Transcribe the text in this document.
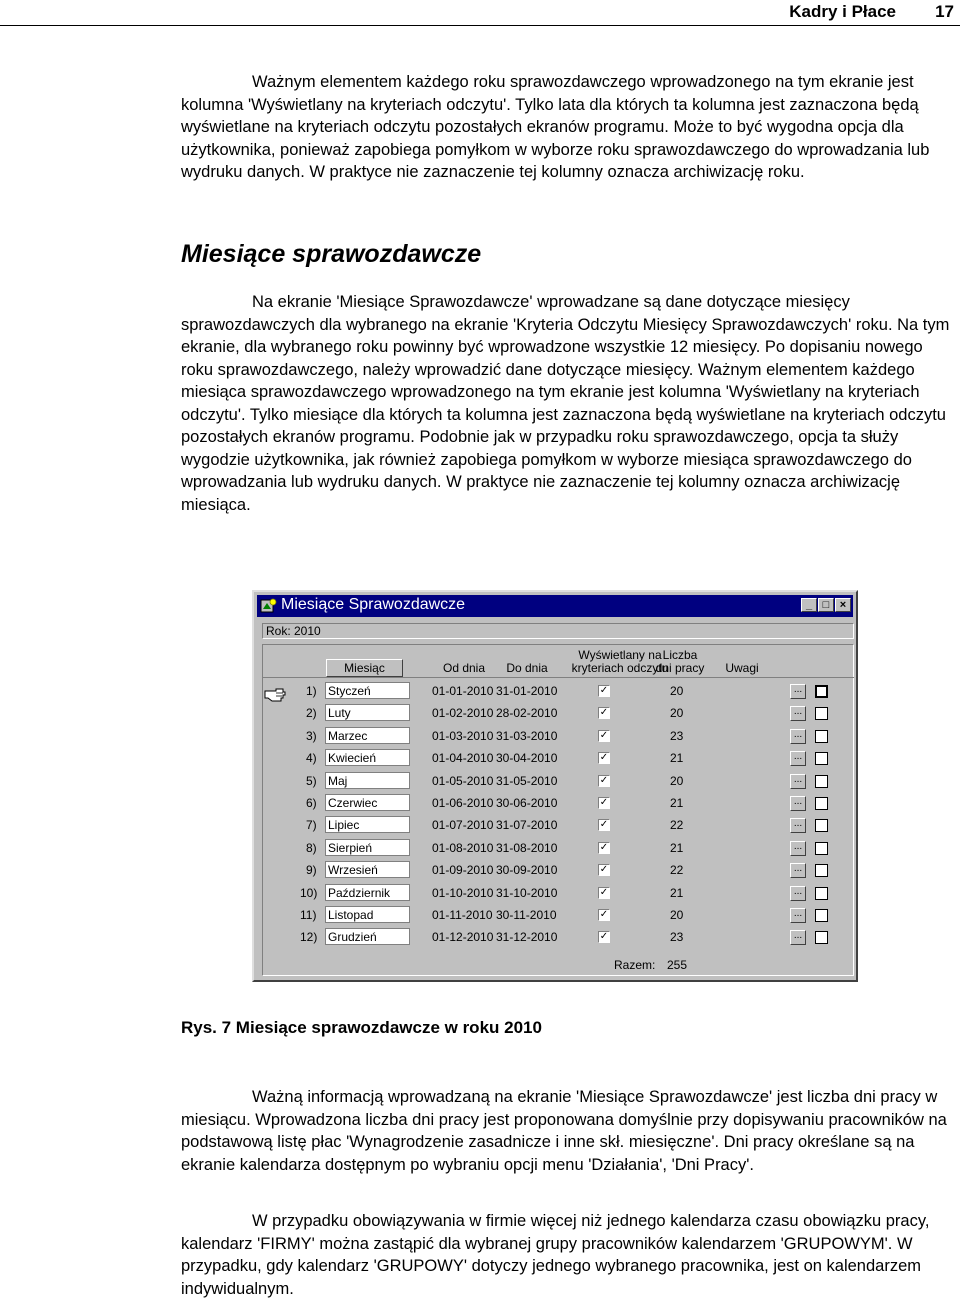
Kadry i Płace 17

Ważnym elementem każdego roku sprawozdawczego wprowadzonego na tym ekranie jest kolumna 'Wyświetlany na kryteriach odczytu'. Tylko lata dla których ta kolumna jest zaznaczona będą wyświetlane na kryteriach odczytu pozostałych ekranów programu. Może to być wygodna opcja dla użytkownika, ponieważ zapobiega pomyłkom w wyborze roku sprawozdawczego do wprowadzania lub wydruku danych. W praktyce nie zaznaczenie tej kolumny oznacza archiwizację roku.

Miesiące sprawozdawcze

Na ekranie 'Miesiące Sprawozdawcze' wprowadzane są dane dotyczące miesięcy sprawozdawczych dla wybranego na ekranie 'Kryteria Odczytu Miesięcy Sprawozdawczych' roku. Na tym ekranie, dla wybranego roku powinny być wprowadzone wszystkie 12 miesięcy. Po dopisaniu nowego roku sprawozdawczego, należy wprowadzić dane dotyczące miesięcy. Ważnym elementem każdego miesiąca sprawozdawczego wprowadzonego na tym ekranie jest kolumna 'Wyświetlany na kryteriach odczytu'. Tylko miesiące dla których ta kolumna jest zaznaczona będą wyświetlane na kryteriach odczytu pozostałych ekranów programu. Podobnie jak w przypadku roku sprawozdawczego, opcja ta służy wygodzie użytkownika, jak również zapobiega pomyłkom w wyborze miesiąca sprawozdawczego do wprowadzania lub wydruku danych. W praktyce nie zaznaczenie tej kolumny oznacza archiwizację miesiąca.

Miesiące Sprawozdawcze	_ □ ×
Rok: 2010
Miesiąc	Od dnia	Do dnia
Wyświetlany na
kryteriach odczytu
Liczba
dni pracy	Uwagi
1) Styczeń	01-01-2010 31-01-2010	✓	20	...
2) Luty	01-02-2010 28-02-2010	✓	20	...
3) Marzec	01-03-2010 31-03-2010	✓	23	...
4) Kwiecień	01-04-2010 30-04-2010	✓	21	...
5) Maj	01-05-2010 31-05-2010	✓	20	...
6) Czerwiec	01-06-2010 30-06-2010	✓	21	...
7) Lipiec	01-07-2010 31-07-2010	✓	22	...
8) Sierpień	01-08-2010 31-08-2010	✓	21	...
9) Wrzesień	01-09-2010 30-09-2010	✓	22	...
10) Październik	01-10-2010 31-10-2010	✓	21	...
11) Listopad	01-11-2010 30-11-2010	✓	20	...
12) Grudzień	01-12-2010 31-12-2010	✓	23	...
Razem: 255

Rys. 7 Miesiące sprawozdawcze w roku 2010

Ważną informacją wprowadzaną na ekranie 'Miesiące Sprawozdawcze' jest liczba dni pracy w miesiącu. Wprowadzona liczba dni pracy jest proponowana domyślnie przy dopisywaniu pracowników na podstawową listę płac 'Wynagrodzenie zasadnicze i inne skł. miesięczne'. Dni pracy określane są na ekranie kalendarza dostępnym po wybraniu opcji menu 'Działania', 'Dni Pracy'.

W przypadku obowiązywania w firmie więcej niż jednego kalendarza czasu obowiązku pracy, kalendarz 'FIRMY' można zastąpić dla wybranej grupy pracowników kalendarzem 'GRUPOWYM'. W przypadku, gdy kalendarz 'GRUPOWY' dotyczy jednego wybranego pracownika, jest on kalendarzem indywidualnym.
